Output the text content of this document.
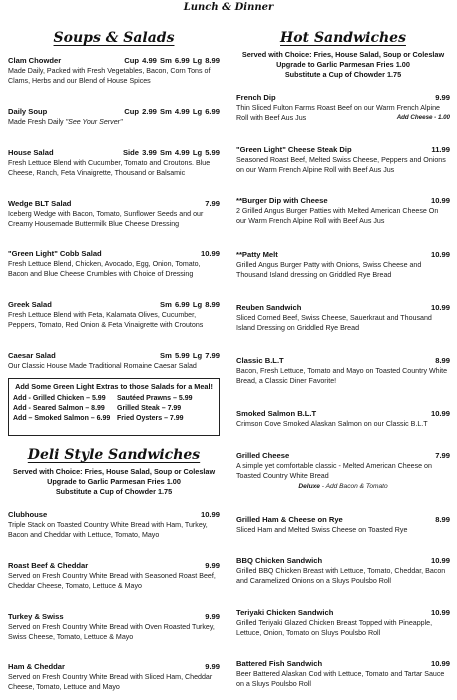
Lunch & Dinner
Soups & Salads
Clam Chowder	Cup 4.99 Sm 6.99 Lg 8.99
Made Daily, Packed with Fresh Vegetables, Bacon, Corn Tons of Clams, Herbs and our Blend of House Spices
Daily Soup	Cup 2.99 Sm 4.99 Lg 6.99
Made Fresh Daily "See Your Server"
House Salad	Side 3.99 Sm 4.99 Lg 5.99
Fresh Lettuce Blend with Cucumber, Tomato and Croutons. Blue Cheese, Ranch, Feta Vinaigrette, Thousand or Balsamic
Wedge BLT Salad	7.99
Iceberg Wedge with Bacon, Tomato, Sunflower Seeds and our Creamy Housemade Buttermilk Blue Cheese Dressing
"Green Light" Cobb Salad	10.99
Fresh Lettuce Blend, Chicken, Avocado, Egg, Onion, Tomato, Bacon and Blue Cheese Crumbles with Choice of Dressing
Greek Salad	Sm 6.99 Lg 8.99
Fresh Lettuce Blend with Feta, Kalamata Olives, Cucumber, Peppers, Tomato, Red Onion & Feta Vinaigrette with Croutons
Caesar Salad	Sm 5.99 Lg 7.99
Our Classic House Made Traditional Romaine Caesar Salad
Add Some Green Light Extras to those Salads for a Meal!
Add - Grilled Chicken – 5.99	Sautéed Prawns – 5.99
Add - Seared Salmon – 8.99	Grilled Steak – 7.99
Add – Smoked Salmon – 6.99 Fried Oysters – 7.99
Deli Style Sandwiches
Served with Choice: Fries, House Salad, Soup or Coleslaw
Upgrade to Garlic Parmesan Fries 1.00
Substitute a Cup of Chowder 1.75
Clubhouse	10.99
Triple Stack on Toasted Country White Bread with Ham, Turkey, Bacon and Cheddar with Lettuce, Tomato, Mayo
Roast Beef & Cheddar	9.99
Served on Fresh Country White Bread with Seasoned Roast Beef, Cheddar Cheese, Tomato, Lettuce & Mayo
Turkey & Swiss	9.99
Served on Fresh Country White Bread with Oven Roasted Turkey, Swiss Cheese, Tomato, Lettuce & Mayo
Ham & Cheddar	9.99
Served on Fresh Country White Bread with Sliced Ham, Cheddar Cheese, Tomato, Lettuce and Mayo
Hot Sandwiches
Served with Choice: Fries, House Salad, Soup or Coleslaw
Upgrade to Garlic Parmesan Fries 1.00
Substitute a Cup of Chowder 1.75
French Dip	9.99
Thin Sliced Fulton Farms Roast Beef on our Warm French Alpine Roll with Beef Aus Jus	Add Cheese - 1.00
"Green Light" Cheese Steak Dip	11.99
Seasoned Roast Beef, Melted Swiss Cheese, Peppers and Onions on our Warm French Alpine Roll with Beef Aus Jus
**Burger Dip with Cheese	10.99
2 Grilled Angus Burger Patties with Melted American Cheese On our Warm French Alpine Roll with Beef Aus Jus
**Patty Melt	10.99
Grilled Angus Burger Patty with Onions, Swiss Cheese and Thousand Island dressing on Griddled Rye Bread
Reuben Sandwich	10.99
Sliced Corned Beef, Swiss Cheese, Sauerkraut and Thousand Island Dressing on Griddled Rye Bread
Classic B.L.T	8.99
Bacon, Fresh Lettuce, Tomato and Mayo on Toasted Country White Bread, a Classic Diner Favorite!
Smoked Salmon B.L.T	10.99
Crimson Cove Smoked Alaskan Salmon on our Classic B.L.T
Grilled Cheese	7.99
A simple yet comfortable classic - Melted American Cheese on Toasted Country White Bread
Deluxe - Add Bacon & Tomato
Grilled Ham & Cheese on Rye	8.99
Sliced Ham and Melted Swiss Cheese on Toasted Rye
BBQ Chicken Sandwich	10.99
Grilled BBQ Chicken Breast with Lettuce, Tomato, Cheddar, Bacon and Caramelized Onions on a Sluys Poulsbo Roll
Teriyaki Chicken Sandwich	10.99
Grilled Teriyaki Glazed Chicken Breast Topped with Pineapple, Lettuce, Onion, Tomato on Sluys Poulsbo Roll
Battered Fish Sandwich	10.99
Beer Battered Alaskan Cod with Lettuce, Tomato and Tartar Sauce on a Sluys Poulsbo Roll
